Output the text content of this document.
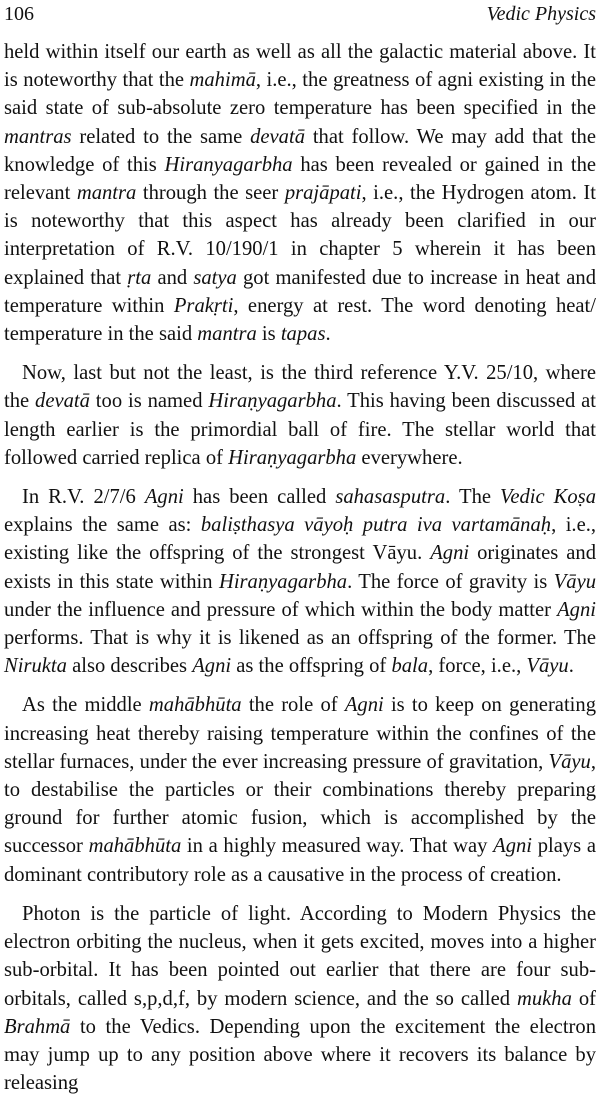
106	Vedic Physics

held within itself our earth as well as all the galactic material above. It is noteworthy that the mahimā, i.e., the greatness of agni existing in the said state of sub-absolute zero temperature has been specified in the mantras related to the same devatā that follow. We may add that the knowledge of this Hiranyagarbha has been revealed or gained in the relevant mantra through the seer prajāpati, i.e., the Hydrogen atom. It is noteworthy that this aspect has already been clarified in our interpretation of R.V. 10/190/1 in chapter 5 wherein it has been explained that ṛta and satya got manifested due to increase in heat and temperature within Prakṛti, energy at rest. The word denoting heat/ temperature in the said mantra is tapas.

Now, last but not the least, is the third reference Y.V. 25/10, where the devatā too is named Hiraṇyagarbha. This having been discussed at length earlier is the primordial ball of fire. The stellar world that followed carried replica of Hiraṇyagarbha everywhere.

In R.V. 2/7/6 Agni has been called sahasasputra. The Vedic Koṣa explains the same as: baliṣthasya vāyoḥ putra iva vartamānaḥ, i.e., existing like the offspring of the strongest Vāyu. Agni originates and exists in this state within Hiraṇyagarbha. The force of gravity is Vāyu under the influence and pressure of which within the body matter Agni performs. That is why it is likened as an offspring of the former. The Nirukta also describes Agni as the offspring of bala, force, i.e., Vāyu.

As the middle mahābhūta the role of Agni is to keep on generating increasing heat thereby raising temperature within the confines of the stellar furnaces, under the ever increasing pressure of gravitation, Vāyu, to destabilise the particles or their combinations thereby preparing ground for further atomic fusion, which is accomplished by the successor mahābhūta in a highly measured way. That way Agni plays a dominant contributory role as a causative in the process of creation.

Photon is the particle of light. According to Modern Physics the electron orbiting the nucleus, when it gets excited, moves into a higher sub-orbital. It has been pointed out earlier that there are four sub-orbitals, called s,p,d,f, by modern science, and the so called mukha of Brahmā to the Vedics. Depending upon the excitement the electron may jump up to any position above where it recovers its balance by releasing
